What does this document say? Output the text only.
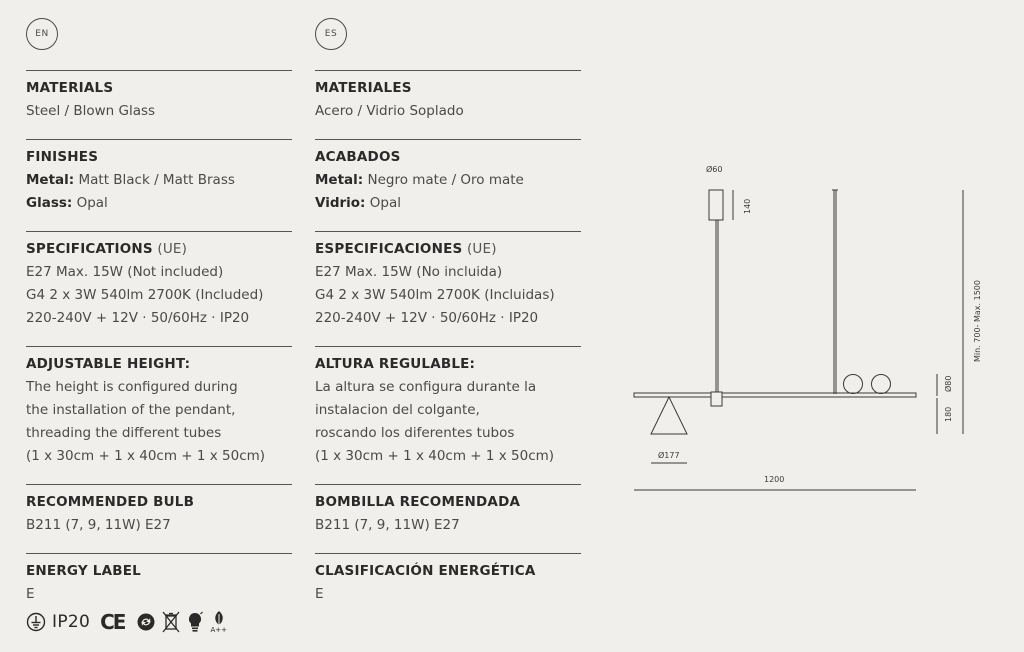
EN
MATERIALS
Steel / Blown Glass
FINISHES
Metal: Matt Black / Matt Brass
Glass: Opal
SPECIFICATIONS (UE)
E27 Max. 15W (Not included)
G4 2 x 3W 540lm 2700K (Included)
220-240V + 12V · 50/60Hz · IP20
ADJUSTABLE HEIGHT:
The height is configured during
the installation of the pendant,
threading the different tubes
(1 x 30cm + 1 x 40cm + 1 x 50cm)
RECOMMENDED BULB
B211 (7, 9, 11W) E27
ENERGY LABEL
E
ES
MATERIALES
Acero / Vidrio Soplado
ACABADOS
Metal: Negro mate / Oro mate
Vidrio: Opal
ESPECIFICACIONES (UE)
E27 Max. 15W (No incluida)
G4 2 x 3W 540lm 2700K (Incluidas)
220-240V + 12V · 50/60Hz · IP20
ALTURA REGULABLE:
La altura se configura durante la
instalacion del colgante,
roscando los diferentes tubos
(1 x 30cm + 1 x 40cm + 1 x 50cm)
BOMBILLA RECOMENDADA
B211 (7, 9, 11W) E27
CLASIFICACIÓN ENERGÉTICA
E
IP20 CE	A++
Ø60
140
Min. 700- Max. 1500
Ø80
180
Ø177
1200
